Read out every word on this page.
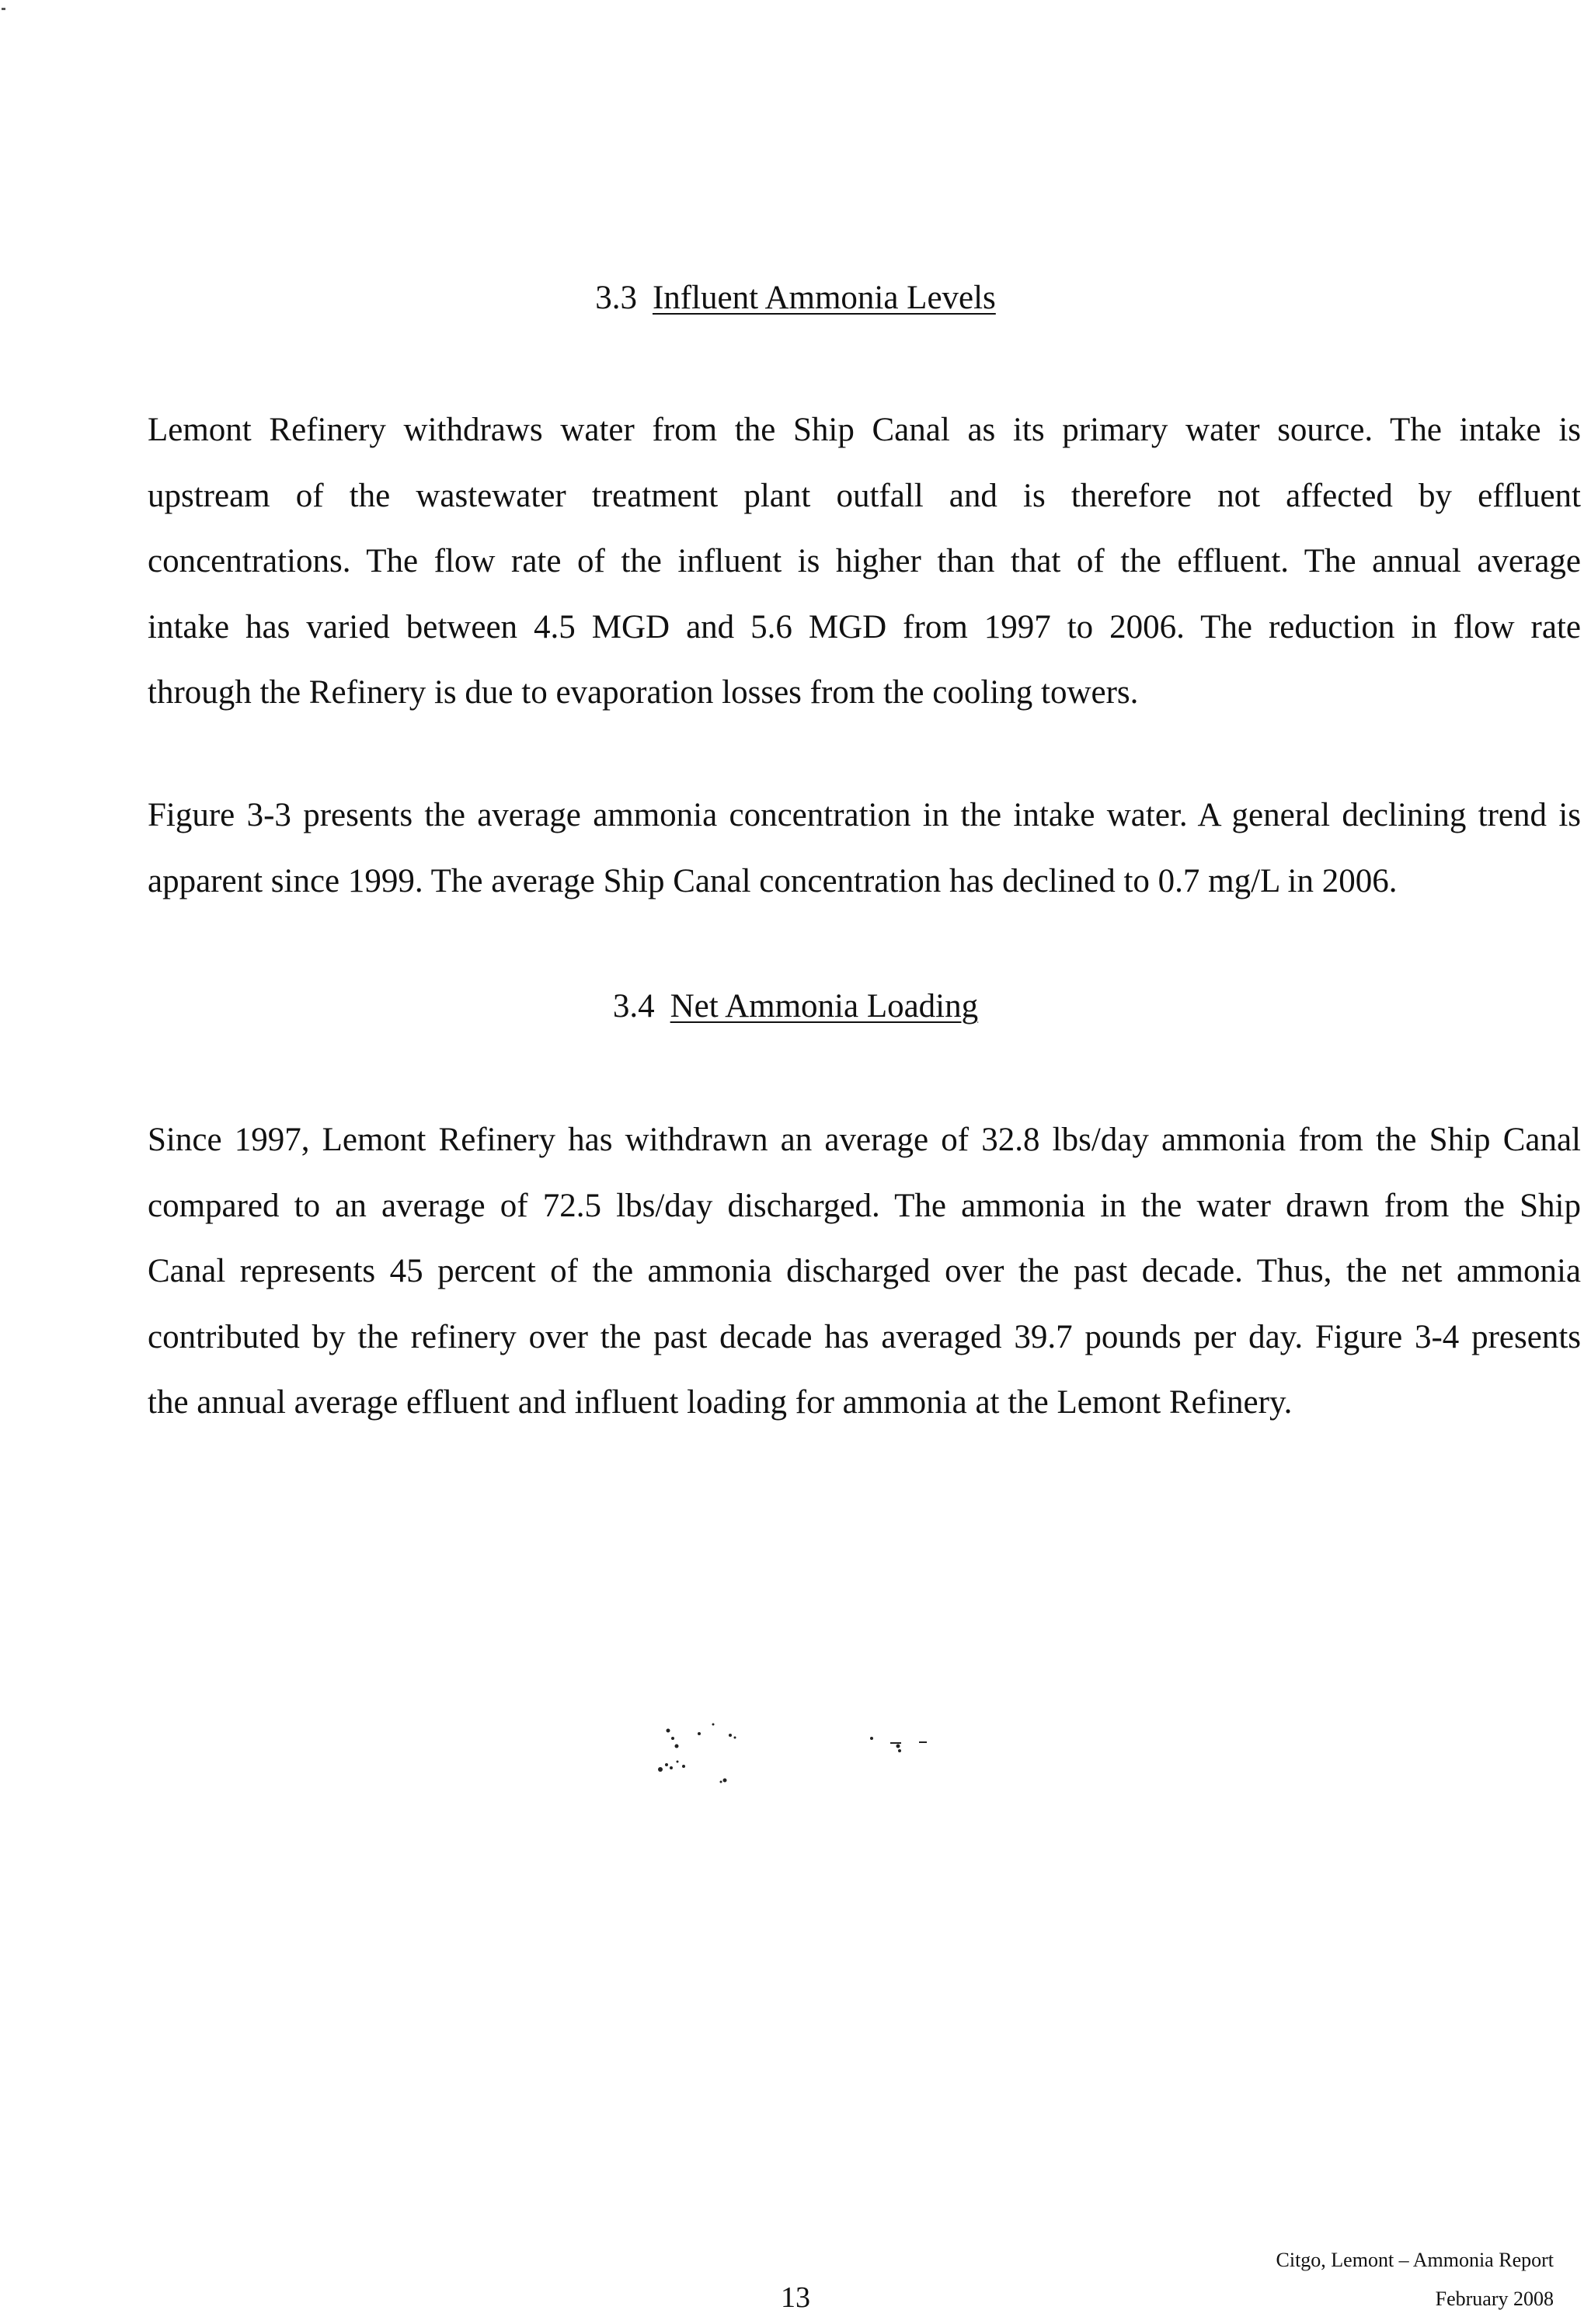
3.3 Influent Ammonia Levels
Lemont Refinery withdraws water from the Ship Canal as its primary water source. The intake is
upstream of the wastewater treatment plant outfall and is therefore not affected by effluent
concentrations. The flow rate of the influent is higher than that of the effluent. The annual average
intake has varied between 4.5 MGD and 5.6 MGD from 1997 to 2006. The reduction in flow rate
through the Refinery is due to evaporation losses from the cooling towers.
Figure 3-3 presents the average ammonia concentration in the intake water. A general declining trend is
apparent since 1999. The average Ship Canal concentration has declined to 0.7 mg/L in 2006.
3.4 Net Ammonia Loading
Since 1997, Lemont Refinery has withdrawn an average of 32.8 lbs/day ammonia from the Ship Canal
compared to an average of 72.5 lbs/day discharged. The ammonia in the water drawn from the Ship
Canal represents 45 percent of the ammonia discharged over the past decade. Thus, the net ammonia
contributed by the refinery over the past decade has averaged 39.7 pounds per day. Figure 3-4 presents
the annual average effluent and influent loading for ammonia at the Lemont Refinery.
13
Citgo, Lemont – Ammonia Report
February 2008
